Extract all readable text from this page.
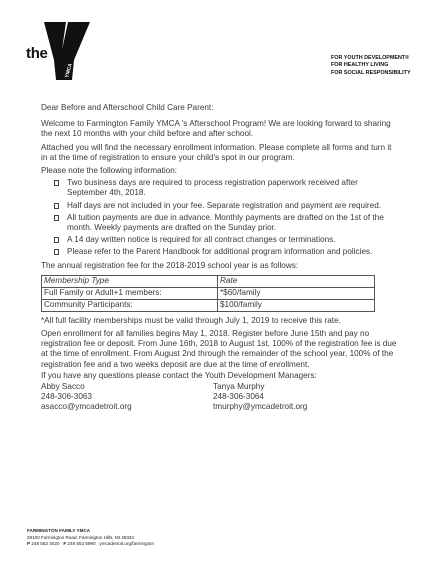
YMCA
the	FOR YOUTH DEVELOPMENT®
FOR HEALTHY LIVING
FOR SOCIAL RESPONSIBILITY

Dear Before and Afterschool Child Care Parent:

Welcome to Farmington Family YMCA 's Afterschool Program! We are looking forward to sharing the next 10 months with your child before and after school.

Attached you will find the necessary enrollment information. Please complete all forms and turn it in at the time of registration to ensure your child's spot in our program.

Please note the following information:

Two business days are required to process registration paperwork received after September 4th, 2018.
Half days are not included in your fee. Separate registration and payment are required.
All tuition payments are due in advance. Monthly payments are drafted on the 1st of the month. Weekly payments are drafted on the Sunday prior.
A 14 day written notice is required for all contract changes or terminations.
Please refer to the Parent Handbook for additional program information and policies.

The annual registration fee for the 2018-2019 school year is as follows:

Membership Type	Rate
Full Family or Adult+1 members:	*$60/family
Community Participants:	$100/family

*All full facility memberships must be valid through July 1, 2019 to receive this rate.

Open enrollment for all families begins May 1, 2018. Register before June 15th and pay no registration fee or deposit. From June 16th, 2018 to August 1st, 100% of the registration fee is due at the time of enrollment. From August 2nd through the remainder of the school year, 100% of the registration fee and a two weeks deposit are due at the time of enrollment.

If you have any questions please contact the Youth Development Managers:

Abby Sacco
248-306-3063
asacco@ymcadetroit.org
Tanya Murphy
248-306-3064
tmurphy@ymcadetroit.org
FARMINGTON FAMILY YMCA
28100 Farmington Road, Farmington Hills, MI 48334
P 248 553 4020 F 248 553 5990 ymcadetroit.org/farmington
